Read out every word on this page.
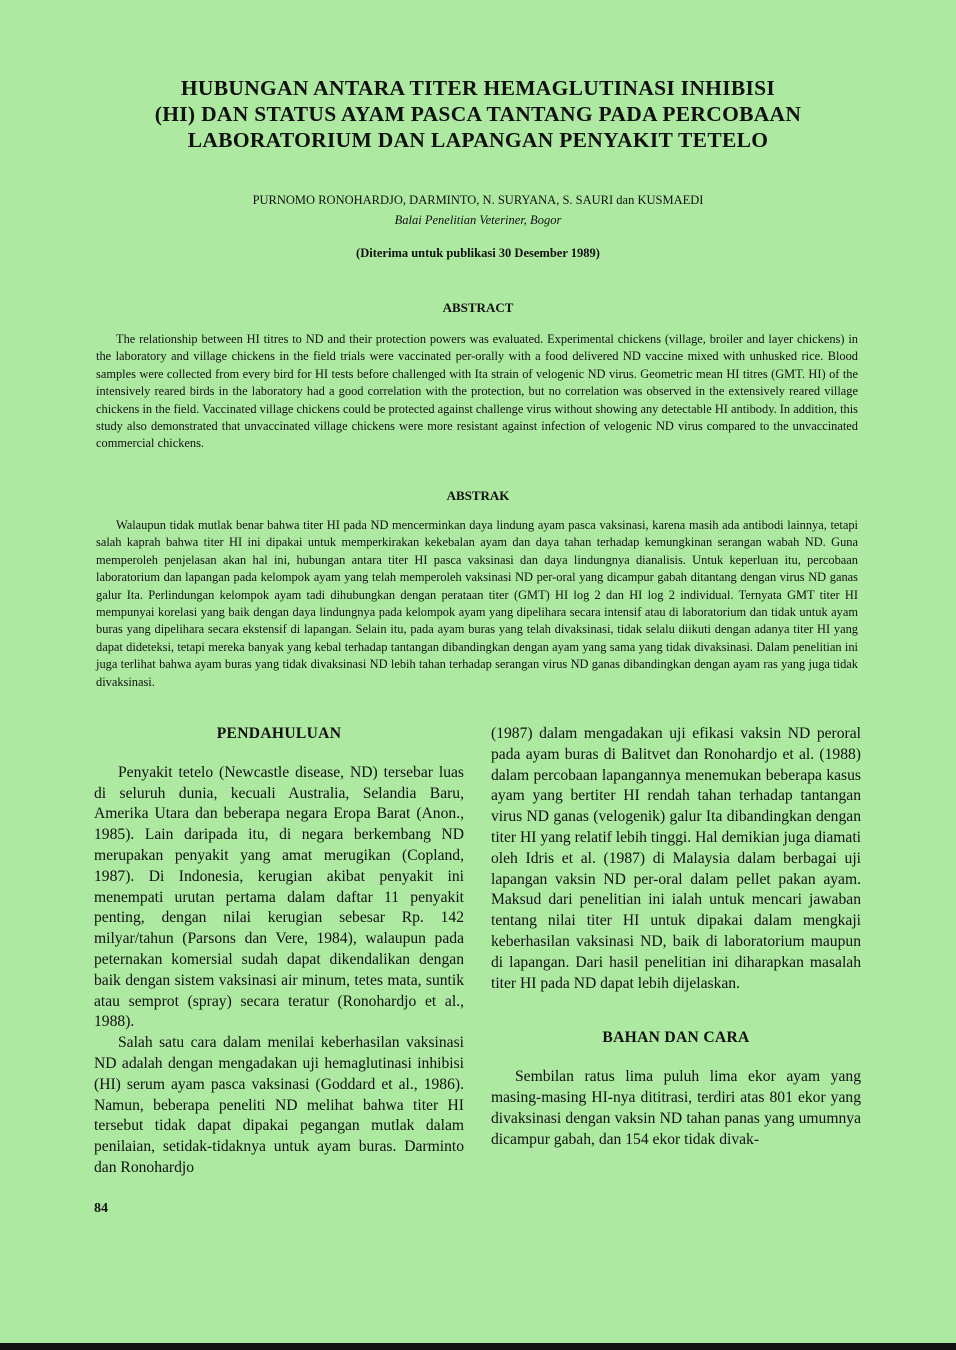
HUBUNGAN ANTARA TITER HEMAGLUTINASI INHIBISI
(HI) DAN STATUS AYAM PASCA TANTANG PADA PERCOBAAN
LABORATORIUM DAN LAPANGAN PENYAKIT TETELO
PURNOMO RONOHARDJO, DARMINTO, N. SURYANA, S. SAURI dan KUSMAEDI
Balai Penelitian Veteriner, Bogor
(Diterima untuk publikasi 30 Desember 1989)
ABSTRACT
The relationship between HI titres to ND and their protection powers was evaluated. Experimental chickens (village, broiler and layer chickens) in the laboratory and village chickens in the field trials were vaccinated per-orally with a food delivered ND vaccine mixed with unhusked rice. Blood samples were collected from every bird for HI tests before challenged with Ita strain of velogenic ND virus. Geometric mean HI titres (GMT. HI) of the intensively reared birds in the laboratory had a good correlation with the protection, but no correlation was observed in the extensively reared village chickens in the field. Vaccinated village chickens could be protected against challenge virus without showing any detectable HI antibody. In addition, this study also demonstrated that unvaccinated village chickens were more resistant against infection of velogenic ND virus compared to the unvaccinated commercial chickens.
ABSTRAK
Walaupun tidak mutlak benar bahwa titer HI pada ND mencerminkan daya lindung ayam pasca vaksinasi, karena masih ada antibodi lainnya, tetapi salah kaprah bahwa titer HI ini dipakai untuk memperkirakan kekebalan ayam dan daya tahan terhadap kemungkinan serangan wabah ND. Guna memperoleh penjelasan akan hal ini, hubungan antara titer HI pasca vaksinasi dan daya lindungnya dianalisis. Untuk keperluan itu, percobaan laboratorium dan lapangan pada kelompok ayam yang telah memperoleh vaksinasi ND per-oral yang dicampur gabah ditantang dengan virus ND ganas galur Ita. Perlindungan kelompok ayam tadi dihubungkan dengan perataan titer (GMT) HI log 2 dan HI log 2 individual. Ternyata GMT titer HI mempunyai korelasi yang baik dengan daya lindungnya pada kelompok ayam yang dipelihara secara intensif atau di laboratorium dan tidak untuk ayam buras yang dipelihara secara ekstensif di lapangan. Selain itu, pada ayam buras yang telah divaksinasi, tidak selalu diikuti dengan adanya titer HI yang dapat dideteksi, tetapi mereka banyak yang kebal terhadap tantangan dibandingkan dengan ayam yang sama yang tidak divaksinasi. Dalam penelitian ini juga terlihat bahwa ayam buras yang tidak divaksinasi ND lebih tahan terhadap serangan virus ND ganas dibandingkan dengan ayam ras yang juga tidak divaksinasi.
PENDAHULUAN

Penyakit tetelo (Newcastle disease, ND) tersebar luas di seluruh dunia, kecuali Australia, Selandia Baru, Amerika Utara dan beberapa negara Eropa Barat (Anon., 1985). Lain daripada itu, di negara berkembang ND merupakan penyakit yang amat merugikan (Copland, 1987). Di Indonesia, kerugian akibat penyakit ini menempati urutan pertama dalam daftar 11 penyakit penting, dengan nilai kerugian sebesar Rp. 142 milyar/tahun (Parsons dan Vere, 1984), walaupun pada peternakan komersial sudah dapat dikendalikan dengan baik dengan sistem vaksinasi air minum, tetes mata, suntik atau semprot (spray) secara teratur (Ronohardjo et al., 1988).

Salah satu cara dalam menilai keberhasilan vaksinasi ND adalah dengan mengadakan uji hemaglutinasi inhibisi (HI) serum ayam pasca vaksinasi (Goddard et al., 1986). Namun, beberapa peneliti ND melihat bahwa titer HI tersebut tidak dapat dipakai pegangan mutlak dalam penilaian, setidak-tidaknya untuk ayam buras. Darminto dan Ronohardjo

(1987) dalam mengadakan uji efikasi vaksin ND peroral pada ayam buras di Balitvet dan Ronohardjo et al. (1988) dalam percobaan lapangannya menemukan beberapa kasus ayam yang bertiter HI rendah tahan terhadap tantangan virus ND ganas (velogenik) galur Ita dibandingkan dengan titer HI yang relatif lebih tinggi. Hal demikian juga diamati oleh Idris et al. (1987) di Malaysia dalam berbagai uji lapangan vaksin ND per-oral dalam pellet pakan ayam. Maksud dari penelitian ini ialah untuk mencari jawaban tentang nilai titer HI untuk dipakai dalam mengkaji keberhasilan vaksinasi ND, baik di laboratorium maupun di lapangan. Dari hasil penelitian ini diharapkan masalah titer HI pada ND dapat lebih dijelaskan.

BAHAN DAN CARA

Sembilan ratus lima puluh lima ekor ayam yang masing-masing HI-nya dititrasi, terdiri atas 801 ekor yang divaksinasi dengan vaksin ND tahan panas yang umumnya dicampur gabah, dan 154 ekor tidak divak-

84
